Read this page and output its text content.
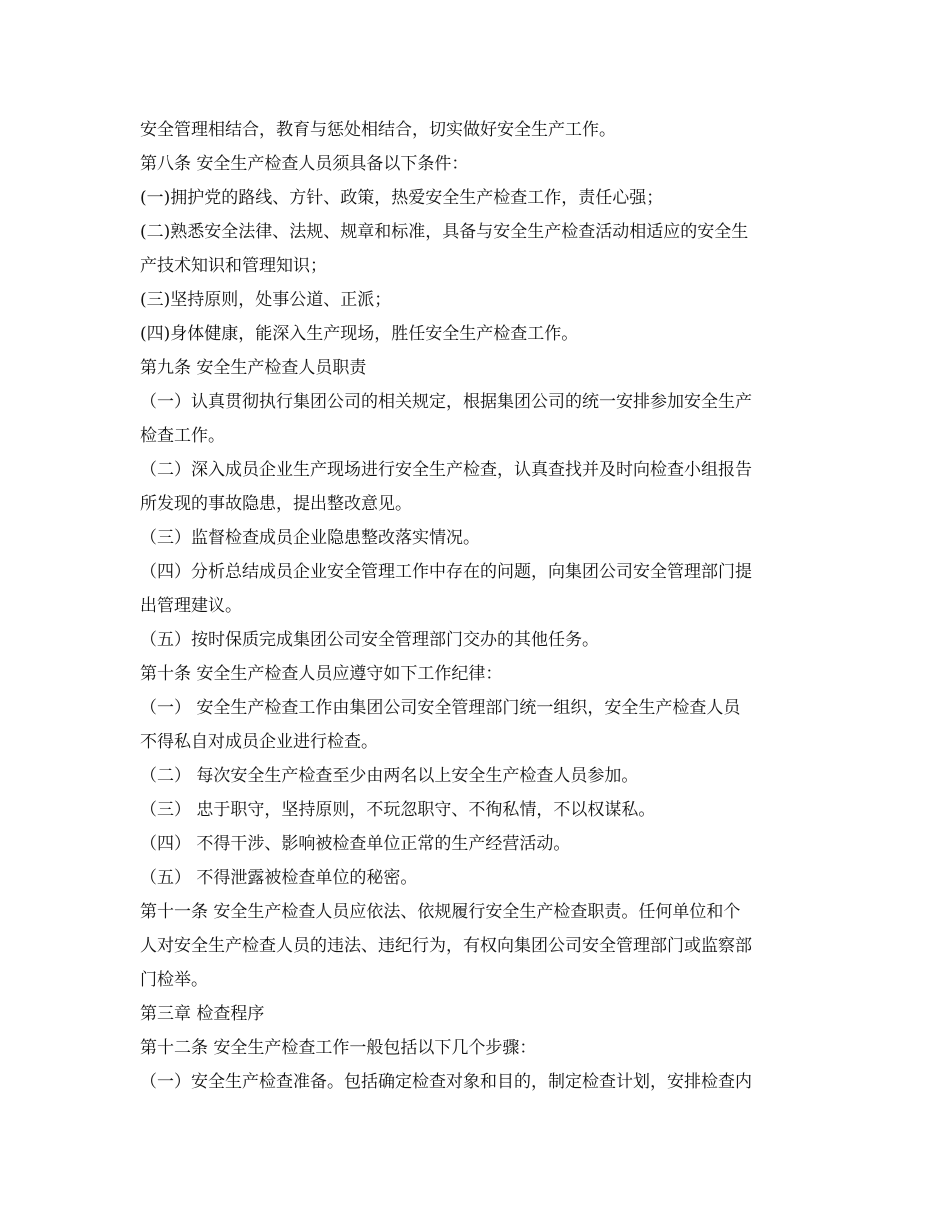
安全管理相结合，教育与惩处相结合，切实做好安全生产工作。
第八条 安全生产检查人员须具备以下条件：
(一)拥护党的路线、方针、政策，热爱安全生产检查工作，责任心强；
(二)熟悉安全法律、法规、规章和标准，具备与安全生产检查活动相适应的安全生
产技术知识和管理知识；
(三)坚持原则，处事公道、正派；
(四)身体健康，能深入生产现场，胜任安全生产检查工作。
第九条 安全生产检查人员职责
（一）认真贯彻执行集团公司的相关规定，根据集团公司的统一安排参加安全生产
检查工作。
（二）深入成员企业生产现场进行安全生产检查，认真查找并及时向检查小组报告
所发现的事故隐患，提出整改意见。
（三）监督检查成员企业隐患整改落实情况。
（四）分析总结成员企业安全管理工作中存在的问题，向集团公司安全管理部门提
出管理建议。
（五）按时保质完成集团公司安全管理部门交办的其他任务。
第十条 安全生产检查人员应遵守如下工作纪律：
（一） 安全生产检查工作由集团公司安全管理部门统一组织，安全生产检查人员
不得私自对成员企业进行检查。
（二） 每次安全生产检查至少由两名以上安全生产检查人员参加。
（三） 忠于职守，坚持原则，不玩忽职守、不徇私情，不以权谋私。
（四） 不得干涉、影响被检查单位正常的生产经营活动。
（五） 不得泄露被检查单位的秘密。
第十一条 安全生产检查人员应依法、依规履行安全生产检查职责。任何单位和个
人对安全生产检查人员的违法、违纪行为，有权向集团公司安全管理部门或监察部
门检举。
第三章 检查程序
第十二条 安全生产检查工作一般包括以下几个步骤：
（一）安全生产检查准备。包括确定检查对象和目的，制定检查计划，安排检查内
